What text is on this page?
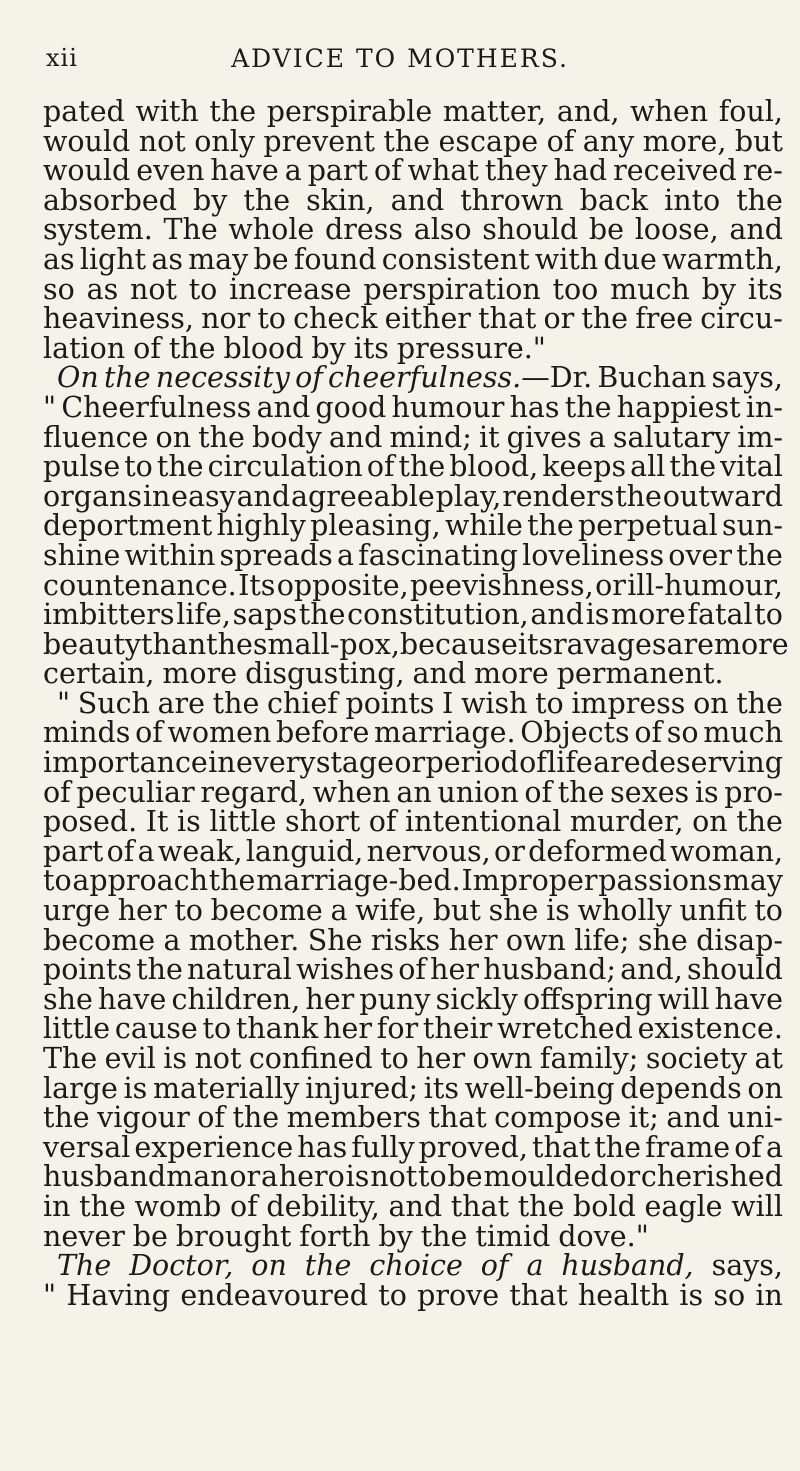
xii	ADVICE TO MOTHERS.
pated with the perspirable matter, and, when foul,
would not only prevent the escape of any more, but
would even have a part of what they had received re-
absorbed by the skin, and thrown back into the
system. The whole dress also should be loose, and
as light as may be found consistent with due warmth,
so as not to increase perspiration too much by its
heaviness, nor to check either that or the free circu-
lation of the blood by its pressure."
On the necessity of cheerfulness.—Dr. Buchan says,
" Cheerfulness and good humour has the happiest in-
fluence on the body and mind; it gives a salutary im-
pulse to the circulation of the blood, keeps all the vital
organs in easy and agreeable play, renders the outward
deportment highly pleasing, while the perpetual sun-
shine within spreads a fascinating loveliness over the
countenance. Its opposite, peevishness, or ill-humour,
imbitters life, saps the constitution, and is more fatal to
beauty than the small-pox, because its ravages are more
certain, more disgusting, and more permanent.
" Such are the chief points I wish to impress on the
minds of women before marriage. Objects of so much
importance in every stage or period of life are deserving
of peculiar regard, when an union of the sexes is pro-
posed. It is little short of intentional murder, on the
part of a weak, languid, nervous, or deformed woman,
to approach the marriage-bed. Improper passions may
urge her to become a wife, but she is wholly unfit to
become a mother. She risks her own life; she disap-
points the natural wishes of her husband; and, should
she have children, her puny sickly offspring will have
little cause to thank her for their wretched existence.
The evil is not confined to her own family; society at
large is materially injured; its well-being depends on
the vigour of the members that compose it; and uni-
versal experience has fully proved, that the frame of a
husbandman or a hero is not to be moulded or cherished
in the womb of debility, and that the bold eagle will
never be brought forth by the timid dove."
The Doctor, on the choice of a husband, says,
" Having endeavoured to prove that health is so in
